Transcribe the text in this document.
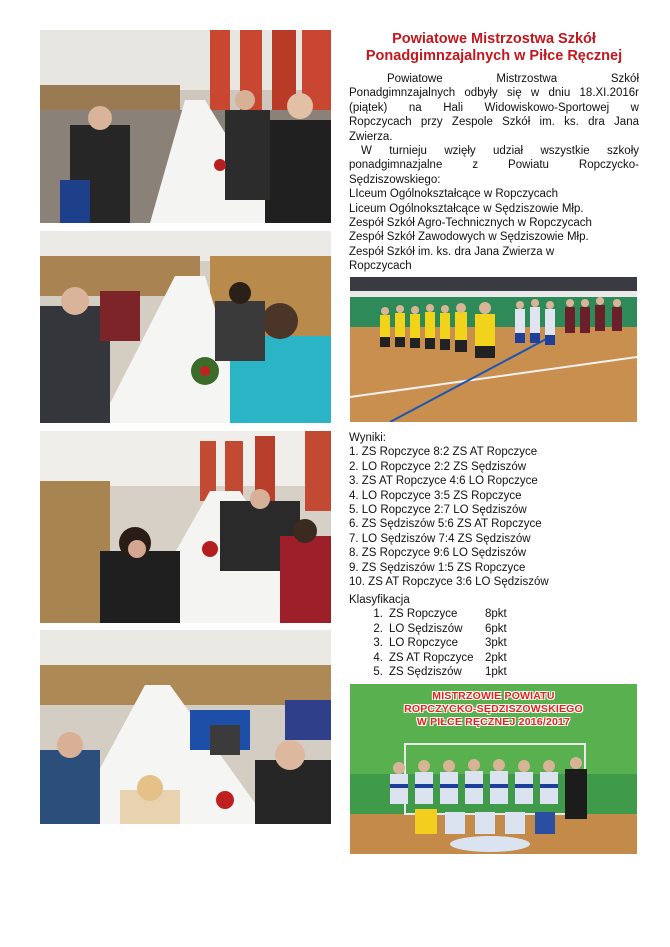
Powiatowe Mistrzostwa Szkół Ponadgimnzajalnych w Piłce Ręcznej

Powiatowe Mistrzostwa Szkół

Ponadgimnzajalnych odbyły się w dniu 18.XI.2016r

(piątek) na Hali Widowiskowo-Sportowej w

Ropczycach przy Zespole Szkół im. ks. dra Jana

Zwierza.

W turnieju wzięły udział wszystkie szkoły

ponadgimnazjalne z Powiatu Ropczycko-

Sędziszowskiego:

LIceum Ogólnokształcące w Ropczycach

Liceum Ogólnokształcące w Sędziszowie Młp.

Zespół Szkół Agro-Technicznych w Ropczycach

Zespół Szkół Zawodowych w Sędziszowie Młp.

Zespół Szkół im. ks. dra Jana Zwierza w

Ropczycach

Wyniki:

1. ZS Ropczyce 8:2 ZS AT Ropczyce

2. LO Ropczyce 2:2 ZS Sędziszów

3. ZS AT Ropczyce 4:6 LO Ropczyce

4. LO Ropczyce 3:5 ZS Ropczyce

5. LO Ropczyce 2:7 LO Sędziszów

6. ZS Sędziszów 5:6 ZS AT Ropczyce

7. LO Sędziszów 7:4 ZS Sędziszów

8. ZS Ropczyce 9:6 LO Sędziszów

9. ZS Sędziszów 1:5 ZS Ropczyce

10. ZS AT Ropczyce 3:6 LO Sędziszów

Klasyfikacja

1. ZS Ropczyce	8pkt
2. LO Sędziszów	6pkt
3. LO Ropczyce	3pkt
4. ZS AT Ropczyce 2pkt
5. ZS Sędziszów	1pkt
MISTRZOWIE POWIATU
ROPCZYCKO-SĘDZISZOWSKIEGO
W PIŁCE RĘCZNEJ 2016/2017
